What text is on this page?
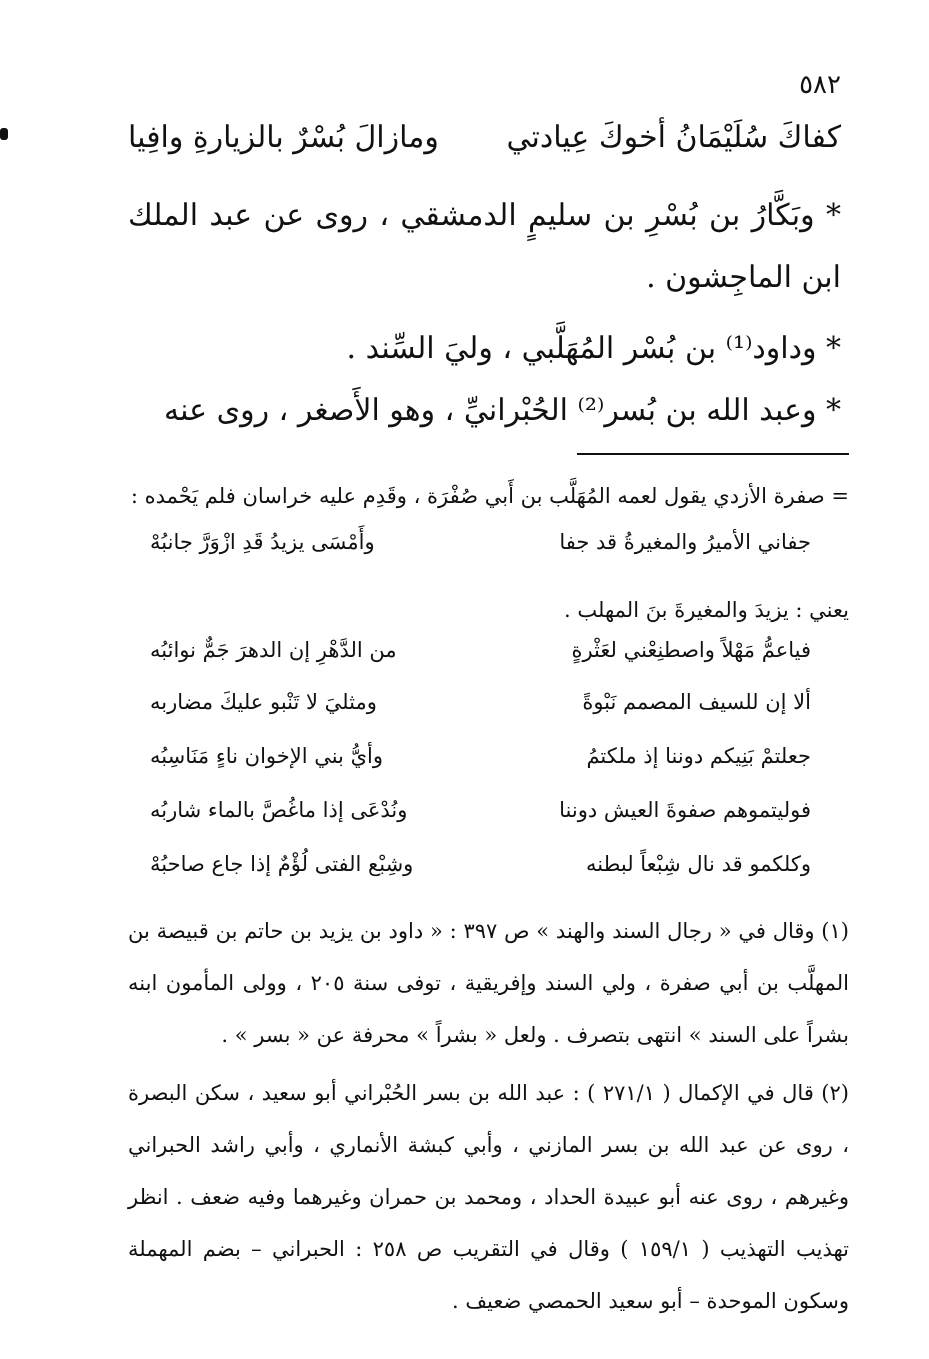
٥٨٢
كفاكَ سُلَيْمَانُ أخوكَ عِيادتي
ومازالَ بُسْرٌ بالزيارةِ وافِيا
* وبَكَّارُ بن بُسْرِ بن سليمٍ الدمشقي ، روى عن عبد الملك ابن الماجِشون .
* وداود⁽¹⁾ بن بُسْر المُهَلَّبي ، وليَ السِّند .
* وعبد الله بن بُسر⁽²⁾ الحُبْرانيِّ ، وهو الأَصغر ، روى عنه
= صفرة الأزدي يقول لعمه المُهَلَّب بن أَبي صُفْرَة ، وقَدِم عليه خراسان فلم يَحْمده :
جفاني الأميرُ والمغيرةُ قد جفا
وأَمْسَى يزيدُ قَدِ ازْوَرَّ جانبُهْ
يعني : يزيدَ والمغيرةَ بنَ المهلب .
فياعمُّ مَهْلاً واصطنِعْني لعَثْرةٍ
من الدَّهْرِ إن الدهرَ جَمٌّ نوائبُه
ألا إن للسيف المصمم نَبْوةً
ومثليَ لا تَنْبو عليكَ مضاربه
جعلتمْ بَنِيكم دوننا إذ ملكتمُ
وأيُّ بني الإخوان ناءٍ مَنَاسِبُه
فوليتموهم صفوةَ العيش دوننا
ونُدْعَى إذا ماغُصَّ بالماء شاربُه
وكلكمو قد نال شِبْعاً لبطنه
وشِبْع الفتى لُؤْمٌ إذا جاع صاحبُهْ
(١) وقال في « رجال السند والهند » ص ٣٩٧ : « داود بن يزيد بن حاتم بن قبيصة بن المهلَّب بن أبي صفرة ، ولي السند وإفريقية ، توفى سنة ٢٠٥ ، وولى المأمون ابنه بشراً على السند » انتهى بتصرف . ولعل « بشراً » محرفة عن « بسر » .
(٢) قال في الإكمال ( ٢٧١/١ ) : عبد الله بن بسر الحُبْراني أبو سعيد ، سكن البصرة ، روى عن عبد الله بن بسر المازني ، وأبي كبشة الأنماري ، وأبي راشد الحبراني وغيرهم ، روى عنه أبو عبيدة الحداد ، ومحمد بن حمران وغيرهما وفيه ضعف . انظر تهذيب التهذيب ( ١٥٩/١ ) وقال في التقريب ص ٢٥٨ : الحبراني – بضم المهملة وسكون الموحدة – أبو سعيد الحمصي ضعيف .
